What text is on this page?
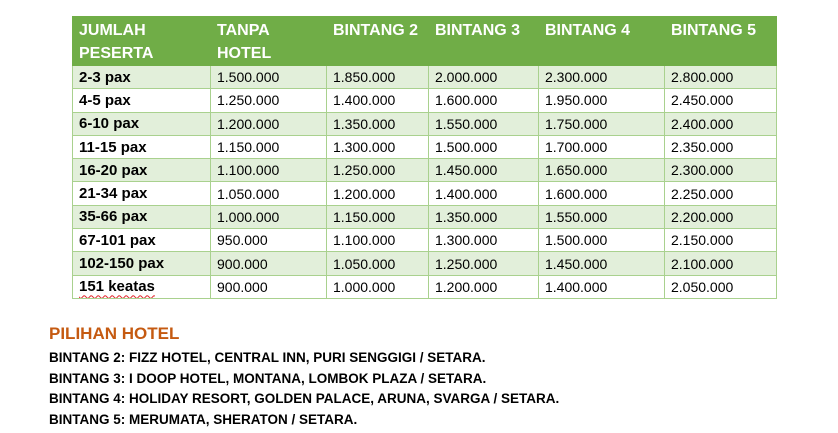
JUMLAH PESERTA	TANPA HOTEL	BINTANG 2	BINTANG 3	BINTANG 4	BINTANG 5
2-3 pax	1.500.000	1.850.000	2.000.000	2.300.000	2.800.000
4-5 pax	1.250.000	1.400.000	1.600.000	1.950.000	2.450.000
6-10 pax	1.200.000	1.350.000	1.550.000	1.750.000	2.400.000
11-15 pax	1.150.000	1.300.000	1.500.000	1.700.000	2.350.000
16-20 pax	1.100.000	1.250.000	1.450.000	1.650.000	2.300.000
21-34 pax	1.050.000	1.200.000	1.400.000	1.600.000	2.250.000
35-66 pax	1.000.000	1.150.000	1.350.000	1.550.000	2.200.000
67-101 pax	950.000	1.100.000	1.300.000	1.500.000	2.150.000
102-150 pax	900.000	1.050.000	1.250.000	1.450.000	2.100.000
151 keatas	900.000	1.000.000	1.200.000	1.400.000	2.050.000

PILIHAN HOTEL

BINTANG 2: FIZZ HOTEL, CENTRAL INN, PURI SENGGIGI / SETARA.

BINTANG 3: I DOOP HOTEL, MONTANA, LOMBOK PLAZA / SETARA.

BINTANG 4: HOLIDAY RESORT, GOLDEN PALACE, ARUNA, SVARGA / SETARA.

BINTANG 5: MERUMATA, SHERATON / SETARA.
